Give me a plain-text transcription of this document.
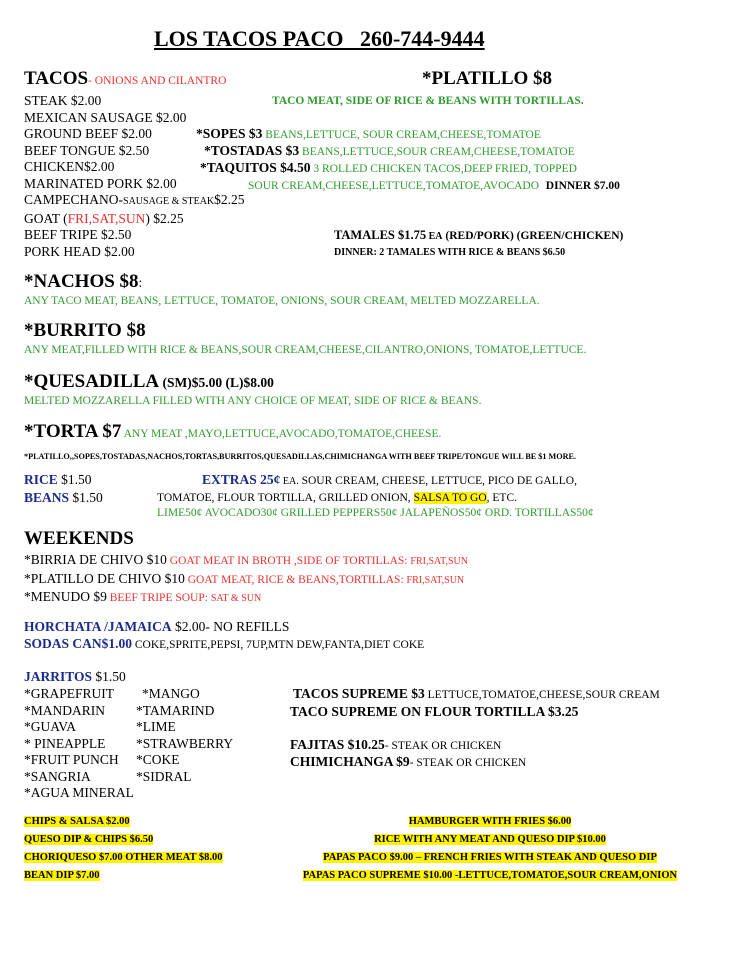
LOS TACOS PACO 260-744-9444
TACOS- ONIONS AND CILANTRO
STEAK $2.00
MEXICAN SAUSAGE $2.00
GROUND BEEF $2.00
BEEF TONGUE $2.50
CHICKEN$2.00
MARINATED PORK $2.00
CAMPECHANO-SAUSAGE & STEAK$2.25
GOAT (FRI,SAT,SUN) $2.25
BEEF TRIPE $2.50
PORK HEAD $2.00
*PLATILLO $8
TACO MEAT, SIDE OF RICE & BEANS WITH TORTILLAS.
*SOPES $3 BEANS,LETTUCE, SOUR CREAM,CHEESE,TOMATOE
*TOSTADAS $3 BEANS,LETTUCE,SOUR CREAM,CHEESE,TOMATOE
*TAQUITOS $4.50 3 ROLLED CHICKEN TACOS,DEEP FRIED, TOPPED
SOUR CREAM,CHEESE,LETTUCE,TOMATOE,AVOCADO DINNER $7.00
TAMALES $1.75 EA (RED/PORK) (GREEN/CHICKEN)
DINNER: 2 TAMALES WITH RICE & BEANS $6.50
*NACHOS $8:
ANY TACO MEAT, BEANS, LETTUCE, TOMATOE, ONIONS, SOUR CREAM, MELTED MOZZARELLA.
*BURRITO $8
ANY MEAT,FILLED WITH RICE & BEANS,SOUR CREAM,CHEESE,CILANTRO,ONIONS, TOMATOE,LETTUCE.
*QUESADILLA (SM)$5.00 (L)$8.00
MELTED MOZZARELLA FILLED WITH ANY CHOICE OF MEAT, SIDE OF RICE & BEANS.
*TORTA $7 ANY MEAT ,MAYO,LETTUCE,AVOCADO,TOMATOE,CHEESE.
*PLATILLO,,SOPES,TOSTADAS,NACHOS,TORTAS,BURRITOS,QUESADILLAS,CHIMICHANGA WITH BEEF TRIPE/TONGUE WILL BE $1 MORE.
RICE $1.50
BEANS $1.50
EXTRAS 25¢ EA. SOUR CREAM, CHEESE, LETTUCE, PICO DE GALLO,
TOMATOE, FLOUR TORTILLA, GRILLED ONION, SALSA TO GO, ETC.
LIME50¢ AVOCADO30¢ GRILLED PEPPERS50¢ JALAPEÑOS50¢ ORD. TORTILLAS50¢
WEEKENDS
*BIRRIA DE CHIVO $10 GOAT MEAT IN BROTH ,SIDE OF TORTILLAS: FRI,SAT,SUN
*PLATILLO DE CHIVO $10 GOAT MEAT, RICE & BEANS,TORTILLAS: FRI,SAT,SUN
*MENUDO $9 BEEF TRIPE SOUP: SAT & SUN
HORCHATA /JAMAICA $2.00- NO REFILLS
SODAS CAN$1.00 COKE,SPRITE,PEPSI, 7UP,MTN DEW,FANTA,DIET COKE
JARRITOS $1.50
*GRAPEFRUIT
*MANDARIN
*GUAVA
* PINEAPPLE
*FRUIT PUNCH
*SANGRIA
*AGUA MINERAL
*MANGO
*TAMARIND
*LIME
*STRAWBERRY
*COKE
*SIDRAL
TACOS SUPREME $3 LETTUCE,TOMATOE,CHEESE,SOUR CREAM
TACO SUPREME ON FLOUR TORTILLA $3.25
FAJITAS $10.25- STEAK OR CHICKEN
CHIMICHANGA $9- STEAK OR CHICKEN
CHIPS & SALSA $2.00
QUESO DIP & CHIPS $6.50
CHORIQUESO $7.00 OTHER MEAT $8.00
BEAN DIP $7.00
HAMBURGER WITH FRIES $6.00
RICE WITH ANY MEAT AND QUESO DIP $10.00
PAPAS PACO $9.00 – FRENCH FRIES WITH STEAK AND QUESO DIP
PAPAS PACO SUPREME $10.00 -LETTUCE,TOMATOE,SOUR CREAM,ONION
